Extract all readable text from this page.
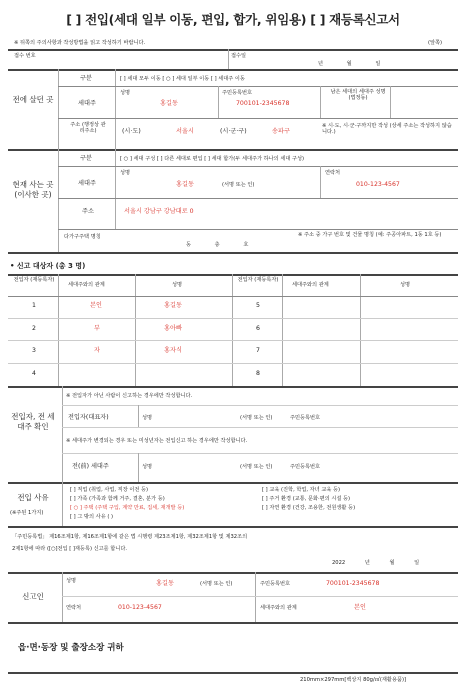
[ ] 전입(세대 일부 이동, 편입, 합가, 위임용) [ ] 재등록신고서
※ 뒤쪽의 주의사항과 작성방법을 읽고 작성하기 바랍니다.	(앞쪽)
접수 번호	접수일
년 월 일
전에 살던 곳
구분	[ ] 세대 모두 이동 [ ○ ] 세대 일부 이동 [ ] 세대주 이동
세대주
성명
홍길동
주민등록번호
700101-2345678
남은 세대의 세대주 성명 (법정동)
주소 (행정상 관리주소)	(시·도)	서울시	(시·군·구)	송파구
※ 시·도, 시·군·구까지만 작성 (상세 주소는 작성하지 않습니다.)
현재 사는 곳 (이사한 곳)
구분	[ ○ ] 세대 구성 [ ] 다른 세대로 편입 [ ] 세대 합가(두 세대주가 하나의 세대 구성)
세대주
성명
홍길동	(서명 또는 인)
연락처
010-123-4567
주소	서울시 강남구 강남대로 0
다가구주택 명칭
동 층 호
※ 주소 중 가구 번호 및 건물 명칭 (예: 주공아파트, 1동 1호 등)
• 신고 대상자 (총 3 명)
전입자 (재등록자)
세대주와의 관계	성명
전입자 (재등록자)
세대주와의 관계	성명
1	본인	홍길동	5
2	부	홍아빠	6
3	자	홍자식	7
4	8
전입자, 전 세대주 확인
※ 전입자가 아닌 사람이 신고하는 경우에만 작성합니다.
전입자(대표자)	성명	(서명 또는 인)	주민등록번호
※ 세대주가 변경되는 경우 또는 미성년자는 전입신고 하는 경우에만 작성합니다.
전(前) 세대주	성명	(서명 또는 인)	주민등록번호
전입 사유
(※주된 1가지)
[ ] 직업 (취업, 사업, 직장 이전 등)
[ ] 가족 (가족과 함께 거주, 결혼, 분가 등)
[ ○ ] 주택 (주택 구입, 계약 만료, 집세, 재개발 등)
[ ] 그 밖의 사유 ( )
[ ] 교육 (진학, 학업, 자녀 교육 등)
[ ] 주거 환경 (교통, 문화·편의 시설 등)
[ ] 자연 환경 (건강, 조용한, 전원생활 등)
「주민등록법」 제16조제1항, 제16조제1항에 같은 법 시행령 제23조제1항, 제32조제1항 및 제32조의
2제1항에 따라 ([○]전입 [ ]재등록) 신고를 합니다.
2022 년 월 일
신고인
성명	홍길동	(서명 또는 인)	주민등록번호	700101-2345678
연락처	010-123-4567	세대주와의 관계	본인
읍·면·동장 및 출장소장 귀하
210mm×297mm[백상지 80g/㎡(재활용품)]
